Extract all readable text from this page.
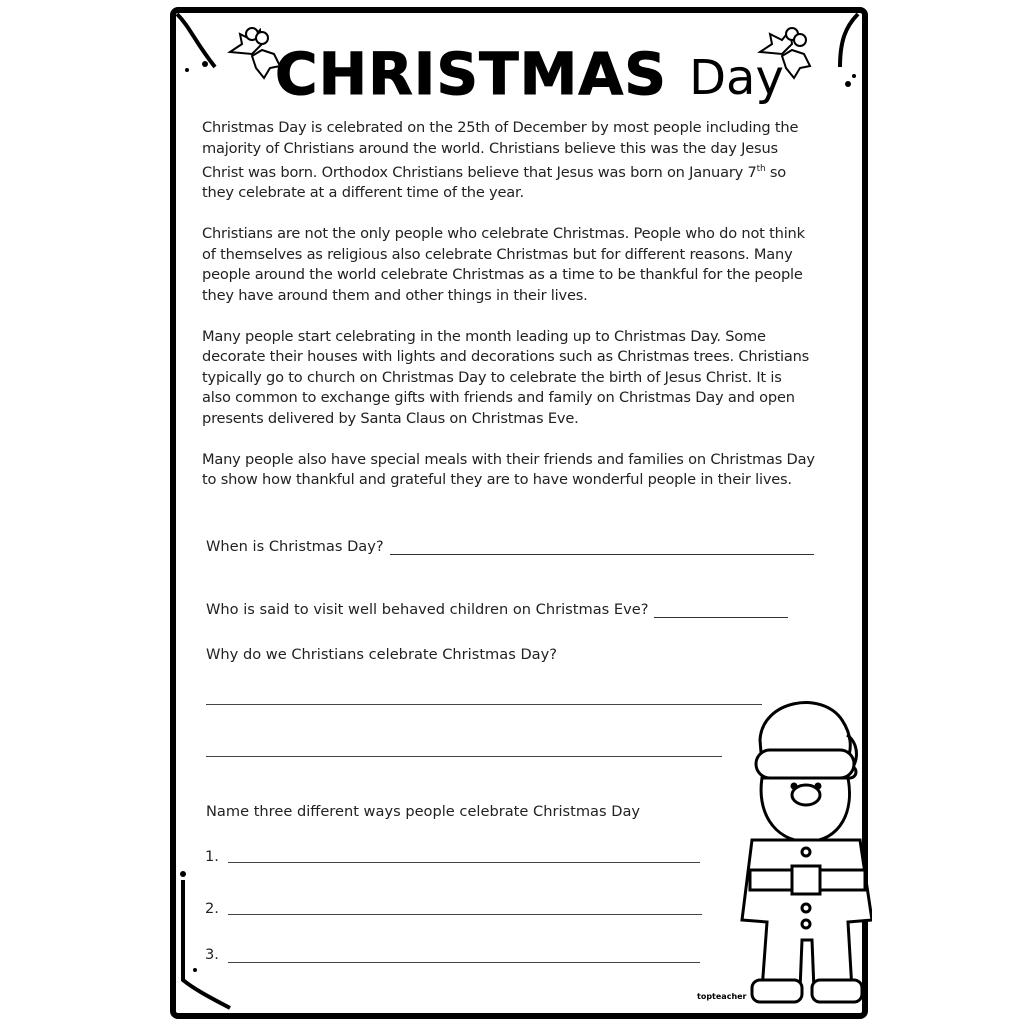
CHRISTMAS Day
Christmas Day is celebrated on the 25th of December by most people including the
majority of Christians around the world. Christians believe this was the day Jesus
Christ was born. Orthodox Christians believe that Jesus was born on January 7th so
they celebrate at a different time of the year.
Christians are not the only people who celebrate Christmas. People who do not think
of themselves as religious also celebrate Christmas but for different reasons. Many
people around the world celebrate Christmas as a time to be thankful for the people
they have around them and other things in their lives.
Many people start celebrating in the month leading up to Christmas Day. Some
decorate their houses with lights and decorations such as Christmas trees. Christians
typically go to church on Christmas Day to celebrate the birth of Jesus Christ. It is
also common to exchange gifts with friends and family on Christmas Day and open
presents delivered by Santa Claus on Christmas Eve.
Many people also have special meals with their friends and families on Christmas Day
to show how thankful and grateful they are to have wonderful people in their lives.
When is Christmas Day?
Who is said to visit well behaved children on Christmas Eve?
Why do we Christians celebrate Christmas Day?
Name three different ways people celebrate Christmas Day
1.
2.
3.
topteacher
